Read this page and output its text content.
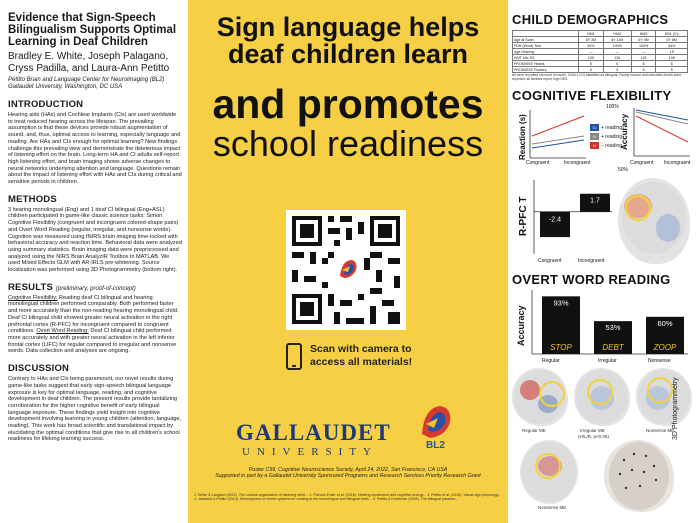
Evidence that Sign-Speech Bilingualism Supports Optimal Learning in Deaf Children
Bradley E. White, Joseph Palagano, Cryss Padilla, and Laura-Ann Petitto
Petitto Brain and Language Center for Neuroimaging (BL2)
Gallaudet University, Washington, DC USA
INTRODUCTION
Hearing aids (HAs) and Cochlear Implants (CIs) are used worldwide to treat reduced hearing across the lifespan. The prevailing assumption is that these devices provide robust augmentation of sound, and, thus, optimal access to learning, especially language and reading. Are HAs and CIs enough for optimal learning? New findings challenge this prevailing view and demonstrate the deleterious impact of listening effort on the brain. Long-term HA and CI adults self-report high listening effort, and brain imaging shows adverse changes to neural networks underlying attention and language. Questions remain about the impact of listening effort with HAs and CIs during critical and sensitive periods in children.
METHODS
3 hearing monolingual (Eng) and 1 deaf CI bilingual (Eng+ASL) children participated in game-like classic science tasks: Simon Cognitive Flexibility (congruent and incongruent colored-shape pairs) and Overt Word Reading (regular, irregular, and nonsense words). Cognition was measured using fNIRS brain imaging time-locked with behavioral accuracy and reaction time. Behavioral data were analyzed using summary statistics. Brain imaging data were preprocessed and analyzed using the NIRS Brain AnalyzIR Toolbox in MATLAB. We used Mixed Effects GLM with AR-IRLS pre-whitening. Source localization was performed using 3D Photogrammetry (bottom right).
RESULTS (preliminary, proof-of-concept)
Cognitive Flexibility: Reading deaf CI bilingual and hearing monolingual children performed comparably. Both performed faster and more accurately than the non-reading hearing monolingual child. Deaf CI bilingual child showed greater neural activation in the right prefrontal cortex (R-PFC) for incongruent compared to congruent conditions. Overt Word Reading: Deaf CI bilingual child performed more accurately and with greater neural activation in the left inferior frontal cortex (LIFC) for regular compared to irregular and nonsense words. Data collection and analyses are ongoing.
DISCUSSION
Contrary to HAs and CIs being paramount, our novel results during game-like tasks suggest that early sign-speech bilingual language exposure is key for optimal language, reading, and cognitive development in deaf children. The present results provide tantalizing corroboration for the higher cognitive benefit of early bilingual language exposure. These findings yield insight into cognitive development involving learning in young children (attention, language, reading). This work has broad scientific and translational impact by elucidating the optimal conditions that give rise to all children's school readiness for lifelong learning success.
Sign language helps
deaf children learn
and promotes
school readiness
Scan with camera to
access all materials!
GALLAUDET
UNIVERSITY
BL2
Poster C59, Cognitive Neuroscience Society, April 24, 2022, San Francisco, CA USA
Supported in part by a Gallaudet University Sponsored Programs and Research Services Priority Research Grant
1. White & Langdon (2021). The cortical organization of listening effort... 2. Pichora-Fuller et al. (2016). Hearing impairment and cognitive energy... 3. Petitto et al. (2016). Visual sign phonology... 4. Jasinska & Petitto (2014). Development of neural systems for reading in the monolingual and bilingual brain... 5. Petitto & Kovelman (2003). The bilingual paradox...
CHILD DEMOGRAPHICS
	HM1	HM2	HM3	DB1 (CI)
Age at Scan	6Y 3M	6Y 11M	6Y 4M	6Y 8M
PDB (Word) Test	94%	100%	100%	94%
Age Hearing	—	—	—	15
KBIT Mtx SS	100	126	125	106
PROMISSE Hearts	6	6	6	6
PROMISSE Flowers	6	5	6	5
All were recruited via word of mouth. Child 4 (CI) identified as bilingual. Family income and education levels were reported; all families report high SES.
COGNITIVE FLEXIBILITY
Reaction (s)	CI + reading
H	+ reading
H	− reading
100%
Accuracy
Congruent	Incongruent	Congruent Incongruent
50%
R-PFC T	-2.4
1.7
Congruent	Incongruent
OVERT WORD READING
Accuracy
93%
STOP
53%
DEBT
60%
ZOOP
Regular	Irregular	Nonsense
Regular ME	Irregular ME	Nonsense ME
(H/L/R, p<0.05)
Nonsense ME
3D Photogrammetry
